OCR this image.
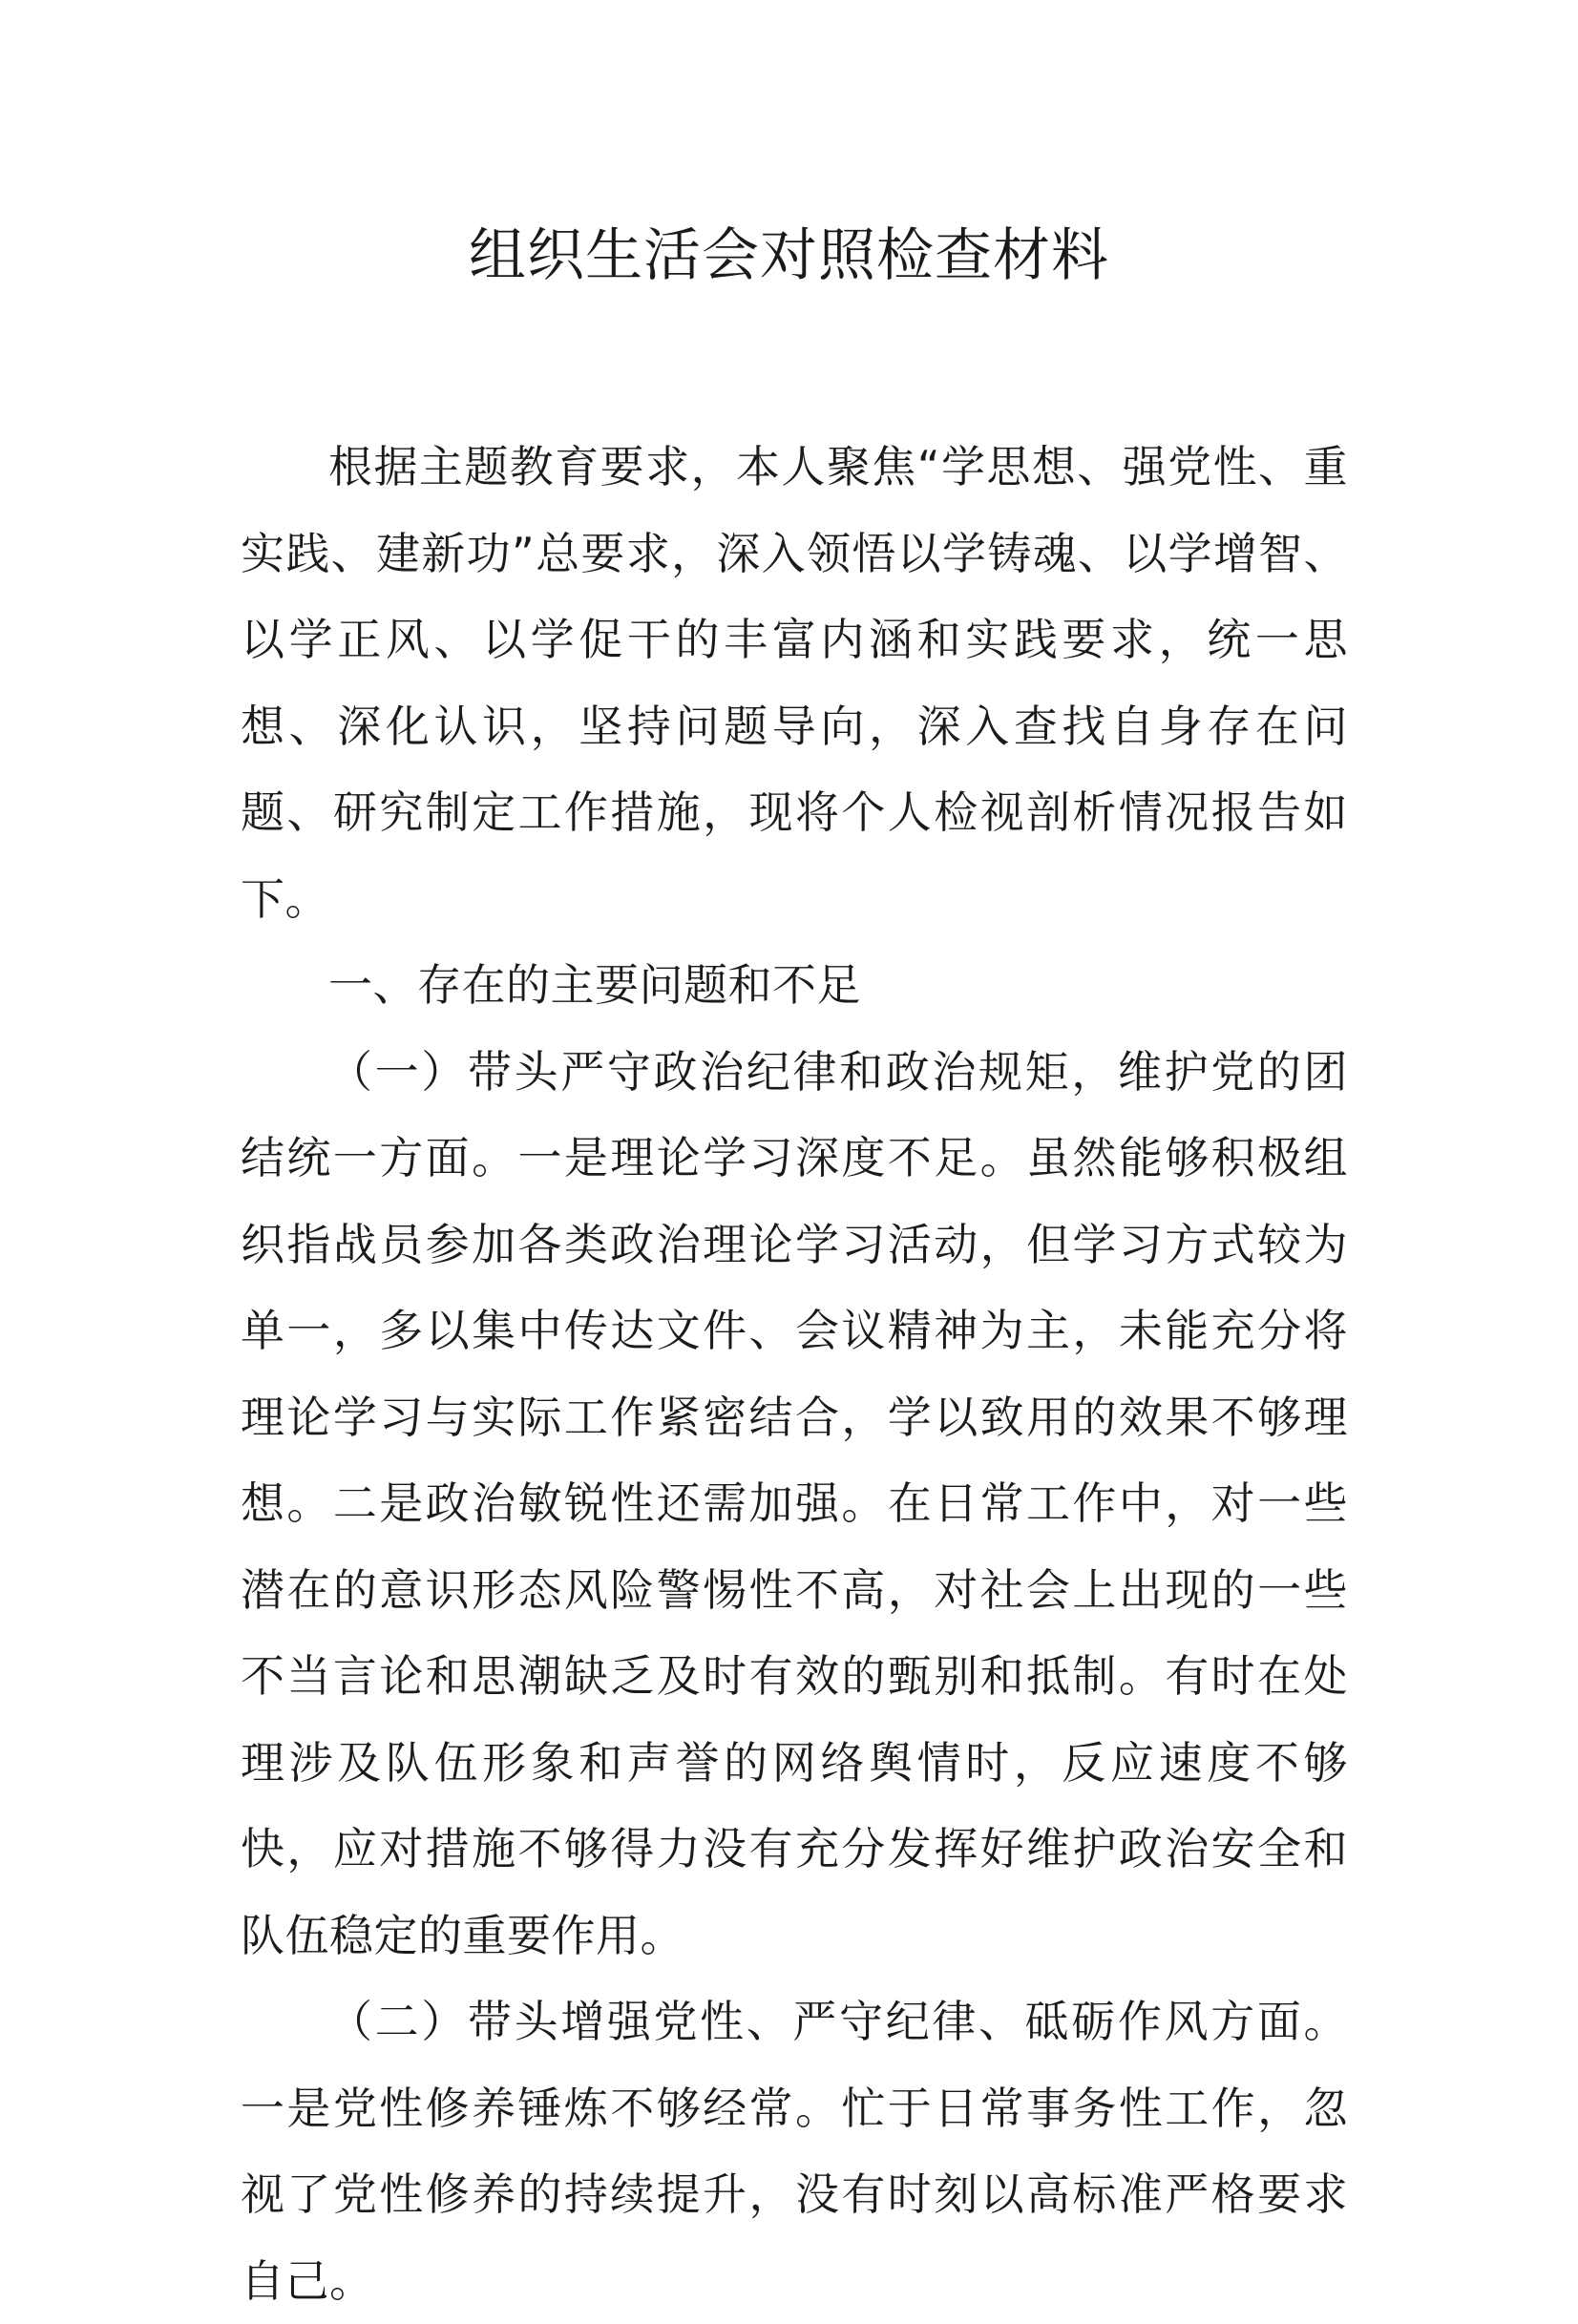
组织生活会对照检查材料

根据主题教育要求，本人聚焦“学思想、强党性、重实践、建新功”总要求，深入领悟以学铸魂、以学增智、以学正风、以学促干的丰富内涵和实践要求，统一思想、深化认识，坚持问题导向，深入查找自身存在问题、研究制定工作措施，现将个人检视剖析情况报告如下。

一、存在的主要问题和不足

（一）带头严守政治纪律和政治规矩，维护党的团结统一方面。一是理论学习深度不足。虽然能够积极组织指战员参加各类政治理论学习活动，但学习方式较为单一，多以集中传达文件、会议精神为主，未能充分将理论学习与实际工作紧密结合，学以致用的效果不够理想。二是政治敏锐性还需加强。在日常工作中，对一些潜在的意识形态风险警惕性不高，对社会上出现的一些不当言论和思潮缺乏及时有效的甄别和抵制。有时在处理涉及队伍形象和声誉的网络舆情时，反应速度不够快，应对措施不够得力没有充分发挥好维护政治安全和队伍稳定的重要作用。

（二）带头增强党性、严守纪律、砥砺作风方面。一是党性修养锤炼不够经常。忙于日常事务性工作，忽视了党性修养的持续提升，没有时刻以高标准严格要求自己。
